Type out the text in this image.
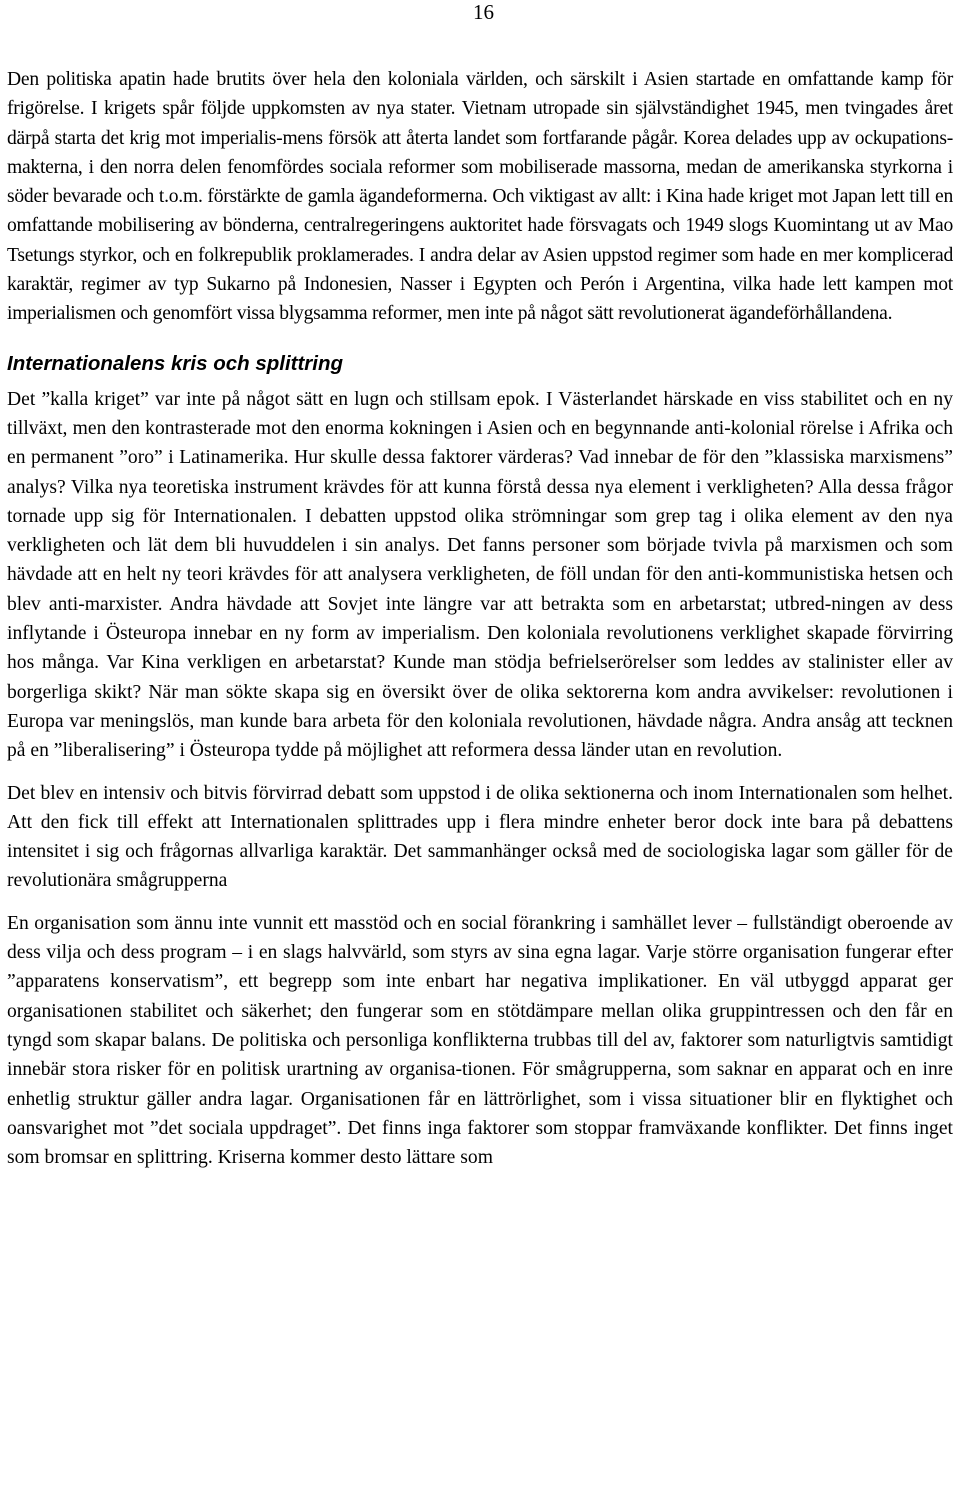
16

Den politiska apatin hade brutits över hela den koloniala världen, och särskilt i Asien startade en omfattande kamp för frigörelse. I krigets spår följde uppkomsten av nya stater. Vietnam utropade sin självständighet 1945, men tvingades året därpå starta det krig mot imperialis-mens försök att återta landet som fortfarande pågår. Korea delades upp av ockupations-makterna, i den norra delen fenomfördes sociala reformer som mobiliserade massorna, medan de amerikanska styrkorna i söder bevarade och t.o.m. förstärkte de gamla ägandeformerna. Och viktigast av allt: i Kina hade kriget mot Japan lett till en omfattande mobilisering av bönderna, centralregeringens auktoritet hade försvagats och 1949 slogs Kuomintang ut av Mao Tsetungs styrkor, och en folkrepublik proklamerades. I andra delar av Asien uppstod regimer som hade en mer komplicerad karaktär, regimer av typ Sukarno på Indonesien, Nasser i Egypten och Perón i Argentina, vilka hade lett kampen mot imperialismen och genomfört vissa blygsamma reformer, men inte på något sätt revolutionerat ägandeförhållandena.

Internationalens kris och splittring

Det ”kalla kriget” var inte på något sätt en lugn och stillsam epok. I Västerlandet härskade en viss stabilitet och en ny tillväxt, men den kontrasterade mot den enorma kokningen i Asien och en begynnande anti-kolonial rörelse i Afrika och en permanent ”oro” i Latinamerika. Hur skulle dessa faktorer värderas? Vad innebar de för den ”klassiska marxismens” analys? Vilka nya teoretiska instrument krävdes för att kunna förstå dessa nya element i verkligheten? Alla dessa frågor tornade upp sig för Internationalen. I debatten uppstod olika strömningar som grep tag i olika element av den nya verkligheten och lät dem bli huvuddelen i sin analys. Det fanns personer som började tvivla på marxismen och som hävdade att en helt ny teori krävdes för att analysera verkligheten, de föll undan för den anti-kommunistiska hetsen och blev anti-marxister. Andra hävdade att Sovjet inte längre var att betrakta som en arbetarstat; utbred-ningen av dess inflytande i Östeuropa innebar en ny form av imperialism. Den koloniala revolutionens verklighet skapade förvirring hos många. Var Kina verkligen en arbetarstat? Kunde man stödja befrielserörelser som leddes av stalinister eller av borgerliga skikt? När man sökte skapa sig en översikt över de olika sektorerna kom andra avvikelser: revolutionen i Europa var meningslös, man kunde bara arbeta för den koloniala revolutionen, hävdade några. Andra ansåg att tecknen på en ”liberalisering” i Östeuropa tydde på möjlighet att reformera dessa länder utan en revolution.

Det blev en intensiv och bitvis förvirrad debatt som uppstod i de olika sektionerna och inom Internationalen som helhet. Att den fick till effekt att Internationalen splittrades upp i flera mindre enheter beror dock inte bara på debattens intensitet i sig och frågornas allvarliga karaktär. Det sammanhänger också med de sociologiska lagar som gäller för de revolutionära smågrupperna

En organisation som ännu inte vunnit ett masstöd och en social förankring i samhället lever – fullständigt oberoende av dess vilja och dess program – i en slags halvvärld, som styrs av sina egna lagar. Varje större organisation fungerar efter ”apparatens konservatism”, ett begrepp som inte enbart har negativa implikationer. En väl utbyggd apparat ger organisationen stabilitet och säkerhet; den fungerar som en stötdämpare mellan olika gruppintressen och den får en tyngd som skapar balans. De politiska och personliga konflikterna trubbas till del av, faktorer som naturligtvis samtidigt innebär stora risker för en politisk urartning av organisa-tionen. För smågrupperna, som saknar en apparat och en inre enhetlig struktur gäller andra lagar. Organisationen får en lättrörlighet, som i vissa situationer blir en flyktighet och oansvarighet mot ”det sociala uppdraget”. Det finns inga faktorer som stoppar framväxande konflikter. Det finns inget som bromsar en splittring. Kriserna kommer desto lättare som
